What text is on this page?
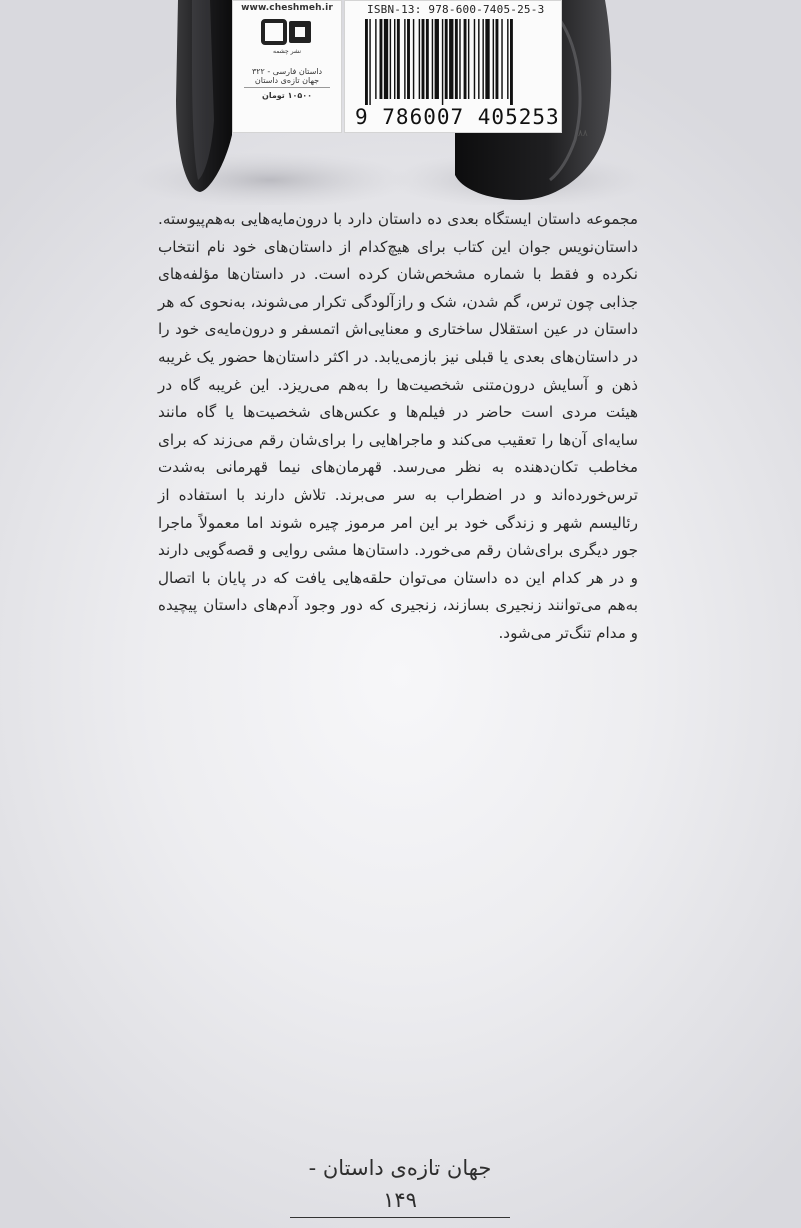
۸۸
www.cheshmeh.ir
نشر چشمه
داستان فارسی - ۳۲۲
جهان تازه‌ی داستان
۱۰۵۰۰ تومان
ISBN-13: 978-600-7405-25-3
9 786007 405253
مجموعه داستان ایستگاه بعدی ده داستان دارد با درون‌مایه‌هایی به‌هم‌پیوسته. داستان‌نویس جوان این کتاب برای هیچ‌کدام از داستان‌های خود نام انتخاب نکرده و فقط با شماره مشخص‌شان کرده است. در داستان‌ها مؤلفه‌های جذابی چون ترس، گم شدن، شک و رازآلودگی تکرار می‌شوند، به‌نحوی که هر داستان در عین استقلال ساختاری و معنایی‌اش اتمسفر و درون‌مایه‌ی خود را در داستان‌های بعدی یا قبلی نیز بازمی‌یابد. در اکثر داستان‌ها حضور یک غریبه ذهن و آسایش درون‌متنی شخصیت‌ها را به‌هم می‌ریزد. این غریبه گاه در هیئت مردی است حاضر در فیلم‌ها و عکس‌های شخصیت‌ها یا گاه مانند سایه‌ای آن‌ها را تعقیب می‌کند و ماجراهایی را برای‌شان رقم می‌زند که برای مخاطب تکان‌دهنده به نظر می‌رسد. قهرمان‌های نیما قهرمانی به‌شدت ترس‌خورده‌اند و در اضطراب به سر می‌برند. تلاش دارند با استفاده از رئالیسم شهر و زندگی خود بر این امر مرموز چیره شوند اما معمولاً ماجرا جور دیگری برای‌شان رقم می‌خورد. داستان‌ها مشی روایی و قصه‌گویی دارند و در هر کدام این ده داستان می‌توان حلقه‌هایی یافت که در پایان با اتصال به‌هم می‌توانند زنجیری بسازند، زنجیری که دور وجود آدم‌های داستان پیچیده و مدام تنگ‌تر می‌شود.
جهان تازه‌ی داستان - ۱۴۹
